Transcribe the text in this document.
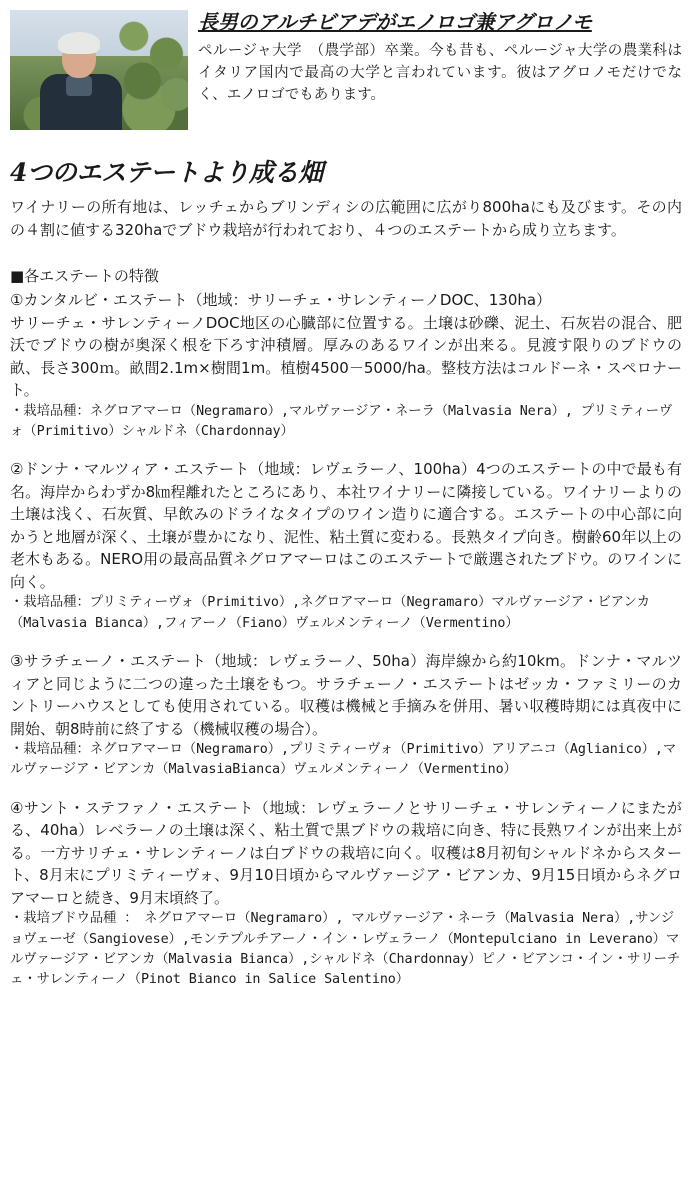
長男のアルチビアデがエノロゴ兼アグロノモ

ペルージャ大学　（農学部）卒業。今も昔も、ペルージャ大学の農業科はイタリア国内で最高の大学と言われています。彼はアグロノモだけでなく、エノロゴでもあります。

4つのエステートより成る畑

ワイナリーの所有地は、レッチェからブリンディシの広範囲に広がり800haにも及びます。その内の４割に値する320haでブドウ栽培が行われており、４つのエステートから成り立ちます。

■各エステートの特徴

①カンタルビ・エステート（地域：サリーチェ・サレンティーノDOC、130ha）

サリーチェ・サレンティーノDOC地区の心臓部に位置する。土壌は砂礫、泥土、石灰岩の混合、肥沃でブドウの樹が奥深く根を下ろす沖積層。厚みのあるワインが出来る。見渡す限りのブドウの畝、長さ300ｍ。畝間2.1m×樹間1m。植樹4500－5000/ha。整枝方法はコルドーネ・スペロナート。

・栽培品種：ネグロアマーロ（Negramaro）,マルヴァージア・ネーラ（Malvasia Nera）, プリミティーヴォ（Primitivo）シャルドネ（Chardonnay）

②ドンナ・マルツィア・エステート（地域：レヴェラーノ、100ha）4つのエステートの中で最も有名。海岸からわずか8㎞程離れたところにあり、本社ワイナリーに隣接している。ワイナリーよりの土壌は浅く、石灰質、早飲みのドライなタイプのワイン造りに適合する。エステートの中心部に向かうと地層が深く、土壌が豊かになり、泥性、粘土質に変わる。長熟タイプ向き。樹齢60年以上の老木もある。NERO用の最高品質ネグロアマーロはこのエステートで厳選されたブドウ。のワインに向く。

・栽培品種：プリミティーヴォ（Primitivo）,ネグロアマーロ（Negramaro）マルヴァージア・ビアンカ（Malvasia Bianca）,フィアーノ（Fiano）ヴェルメンティーノ（Vermentino）

③サラチェーノ・エステート（地域：レヴェラーノ、50ha）海岸線から約10km。ドンナ・マルツィアと同じように二つの違った土壌をもつ。サラチェーノ・エステートはゼッカ・ファミリーのカントリーハウスとしても使用されている。収穫は機械と手摘みを併用、暑い収穫時期には真夜中に開始、朝8時前に終了する（機械収穫の場合）。

・栽培品種：ネグロアマーロ（Negramaro）,プリミティーヴォ（Primitivo）アリアニコ（Aglianico）,マルヴァージア・ビアンカ（MalvasiaBianca）ヴェルメンティーノ（Vermentino）

④サント・ステファノ・エステート（地域：レヴェラーノとサリーチェ・サレンティーノにまたがる、40ha）レベラーノの土壌は深く、粘土質で黒ブドウの栽培に向き、特に長熟ワインが出来上がる。一方サリチェ・サレンティーノは白ブドウの栽培に向く。収穫は8月初旬シャルドネからスタート、8月末にプリミティーヴォ、9月10日頃からマルヴァージア・ビアンカ、9月15日頃からネグロアマーロと続き、9月末頃終了。

・栽培ブドウ品種 ：　ネグロアマーロ（Negramaro）, マルヴァージア・ネーラ（Malvasia Nera）,サンジョヴェーゼ（Sangiovese）,モンテプルチアーノ・イン・レヴェラーノ（Montepulciano in Leverano）マルヴァージア・ビアンカ（Malvasia Bianca）,シャルドネ（Chardonnay）ピノ・ビアンコ・イン・サリーチェ・サレンティーノ（Pinot Bianco in Salice Salentino）
